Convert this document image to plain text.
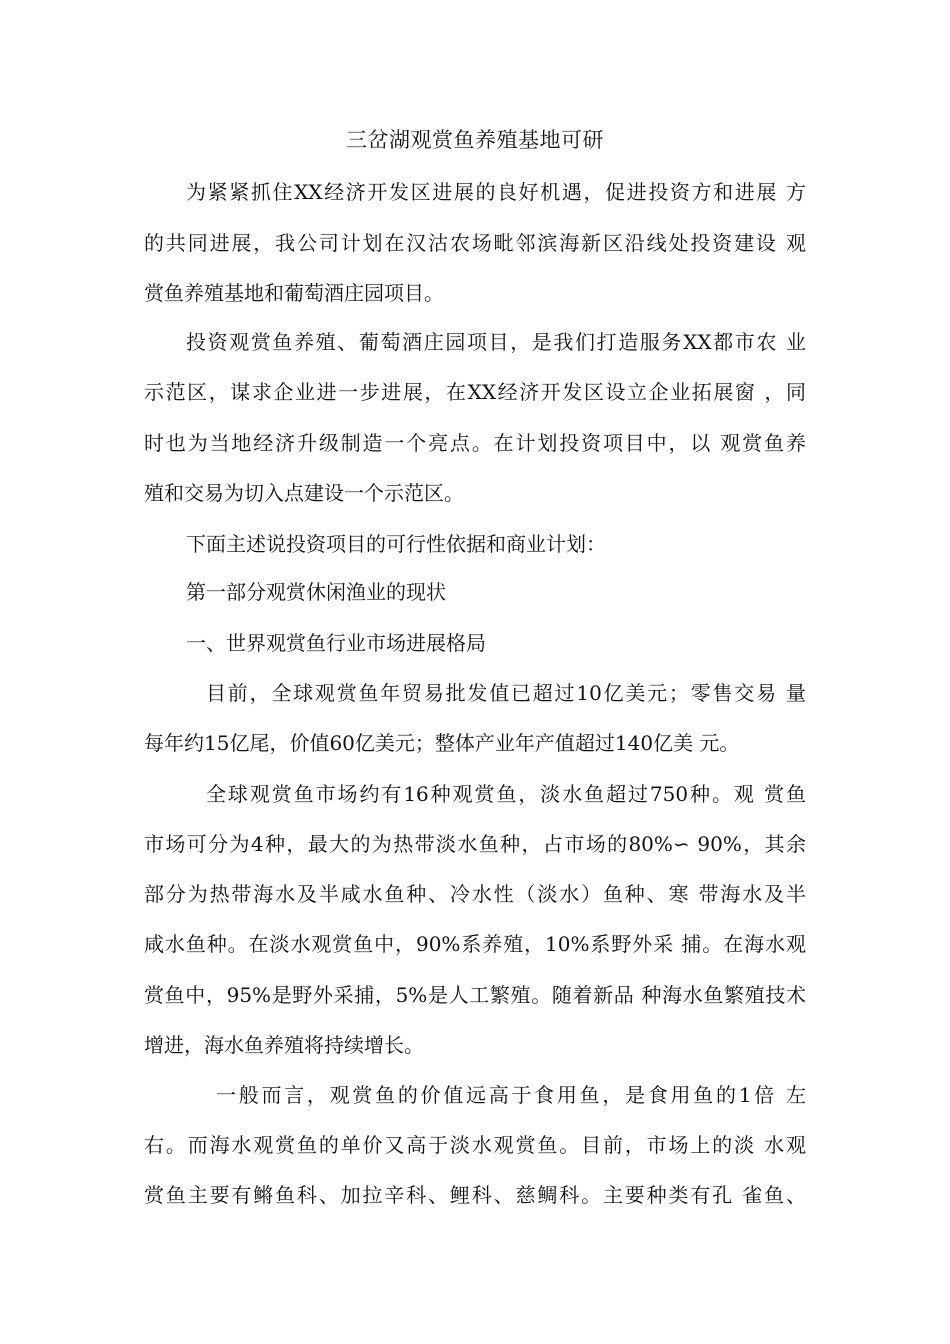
三岔湖观赏鱼养殖基地可研
为紧紧抓住XX经济开发区进展的良好机遇，促进投资方和进展 方
的共同进展，我公司计划在汉沽农场毗邻滨海新区沿线处投资建设 观
赏鱼养殖基地和葡萄酒庄园项目。
投资观赏鱼养殖、葡萄酒庄园项目，是我们打造服务XX都市农 业
示范区，谋求企业进一步进展，在XX经济开发区设立企业拓展窗 ，同
时也为当地经济升级制造一个亮点。在计划投资项目中，以 观赏鱼养
殖和交易为切入点建设一个示范区。
下面主述说投资项目的可行性依据和商业计划：
第一部分观赏休闲渔业的现状
一、世界观赏鱼行业市场进展格局
目前，全球观赏鱼年贸易批发值已超过10亿美元；零售交易 量
每年约15亿尾，价值60亿美元；整体产业年产值超过140亿美 元。
全球观赏鱼市场约有16种观赏鱼，淡水鱼超过750种。观 赏鱼
市场可分为4种，最大的为热带淡水鱼种，占市场的80%∽ 90%，其余
部分为热带海水及半咸水鱼种、冷水性（淡水）鱼种、寒 带海水及半
咸水鱼种。在淡水观赏鱼中，90%系养殖，10%系野外采 捕。在海水观
赏鱼中，95%是野外采捕，5%是人工繁殖。随着新品 种海水鱼繁殖技术
增进，海水鱼养殖将持续增长。
一般而言，观赏鱼的价值远高于食用鱼，是食用鱼的1倍 左
右。而海水观赏鱼的单价又高于淡水观赏鱼。目前，市场上的淡 水观
赏鱼主要有鳉鱼科、加拉辛科、鲤科、慈鲷科。主要种类有孔 雀鱼、
